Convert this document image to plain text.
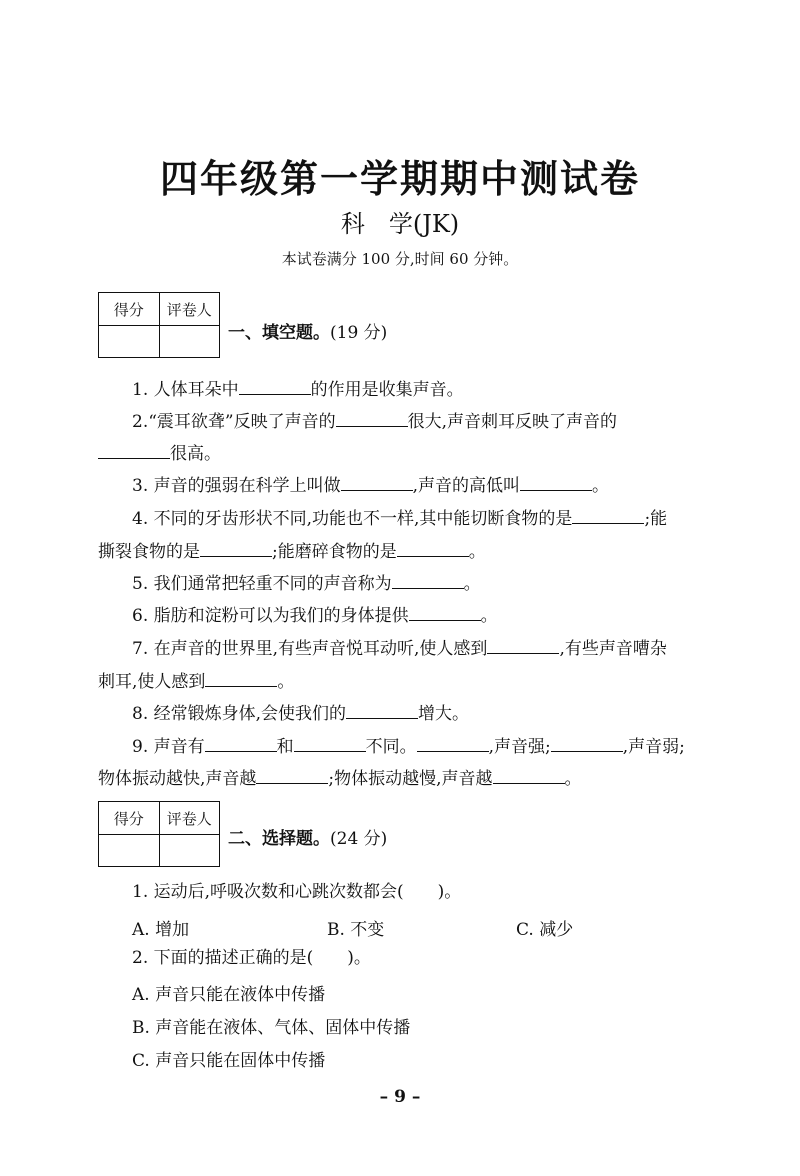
四年级第一学期期中测试卷
科　学(JK)
本试卷满分 100 分,时间 60 分钟。
得分	评卷人
一、填空题。(19 分)
1. 人体耳朵中	的作用是收集声音。
2.“震耳欲聋”反映了声音的	很大,声音刺耳反映了声音的
很高。
3. 声音的强弱在科学上叫做	,声音的高低叫	。
4. 不同的牙齿形状不同,功能也不一样,其中能切断食物的是	;能
撕裂食物的是	;能磨碎食物的是	。
5. 我们通常把轻重不同的声音称为	。
6. 脂肪和淀粉可以为我们的身体提供	。
7. 在声音的世界里,有些声音悦耳动听,使人感到	,有些声音嘈杂
刺耳,使人感到	。
8. 经常锻炼身体,会使我们的	增大。
9. 声音有	和	不同。	,声音强;	,声音弱;
物体振动越快,声音越	;物体振动越慢,声音越	。
得分	评卷人
二、选择题。(24 分)
1. 运动后,呼吸次数和心跳次数都会(　　)。
A. 增加	B. 不变	C. 减少
2. 下面的描述正确的是(　　)。
A. 声音只能在液体中传播
B. 声音能在液体、气体、固体中传播
C. 声音只能在固体中传播
– 9 –
